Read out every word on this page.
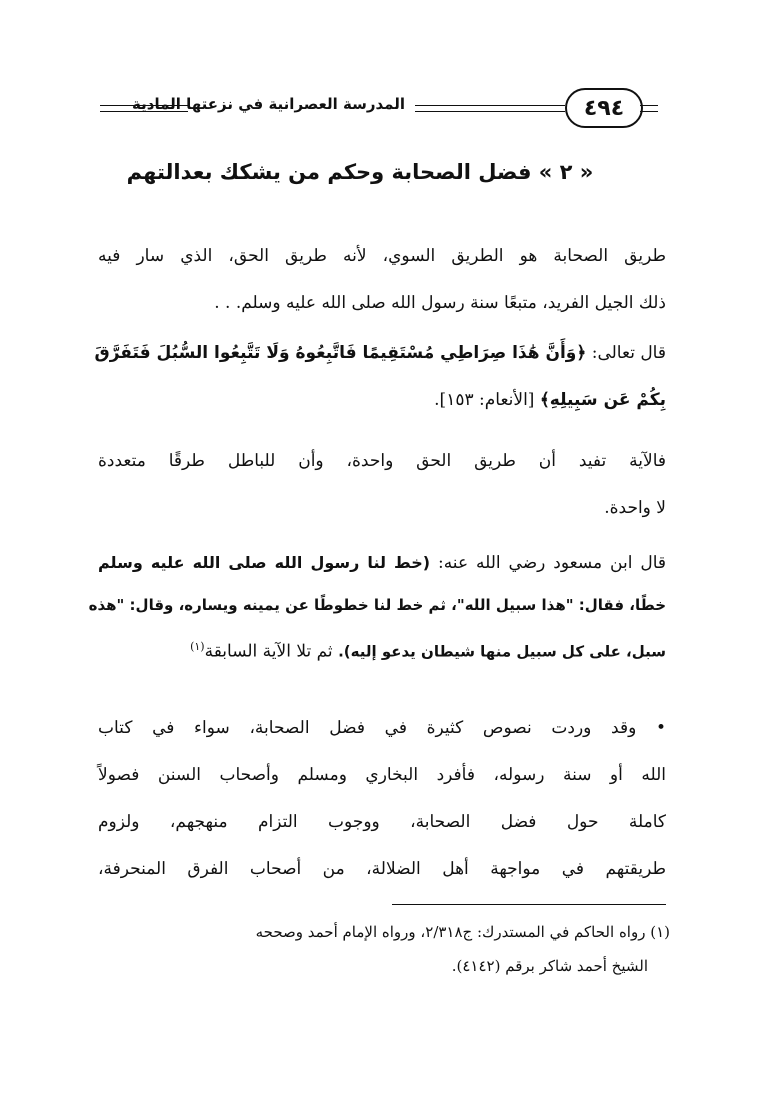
المدرسة العصرانية في نزعتها المادية	٤٩٤
« ٢ » فضل الصحابة وحكم من يشكك بعدالتهم
طريق الصحابة هو الطريق السوي، لأنه طريق الحق، الذي سار فيه
ذلك الجيل الفريد، متبعًا سنة رسول الله صلى الله عليه وسلم. . .
قال تعالى: ﴿وَأَنَّ هَٰذَا صِرَاطِي مُسْتَقِيمًا فَاتَّبِعُوهُ وَلَا تَتَّبِعُوا السُّبُلَ فَتَفَرَّقَ
بِكُمْ عَن سَبِيلِهِ﴾ [الأنعام: ١٥٣].
فالآية تفيد أن طريق الحق واحدة، وأن للباطل طرقًا متعددة
لا واحدة.
قال ابن مسعود رضي الله عنه: (خط لنا رسول الله صلى الله عليه وسلم
خطًا، فقال: "هذا سبيل الله"، ثم خط لنا خطوطًا عن يمينه ويساره، وقال: "هذه
سبل، على كل سبيل منها شيطان يدعو إليه). ثم تلا الآية السابقة$^{(١)}$
• وقد وردت نصوص كثيرة في فضل الصحابة، سواء في كتاب
الله أو سنة رسوله، فأفرد البخاري ومسلم وأصحاب السنن فصولاً
كاملة حول فضل الصحابة، ووجوب التزام منهجهم، ولزوم
طريقتهم في مواجهة أهل الضلالة، من أصحاب الفرق المنحرفة،
(١) رواه الحاكم في المستدرك: ج٢/٣١٨، ورواه الإمام أحمد وصححه
الشيخ أحمد شاكر برقم (٤١٤٢).
